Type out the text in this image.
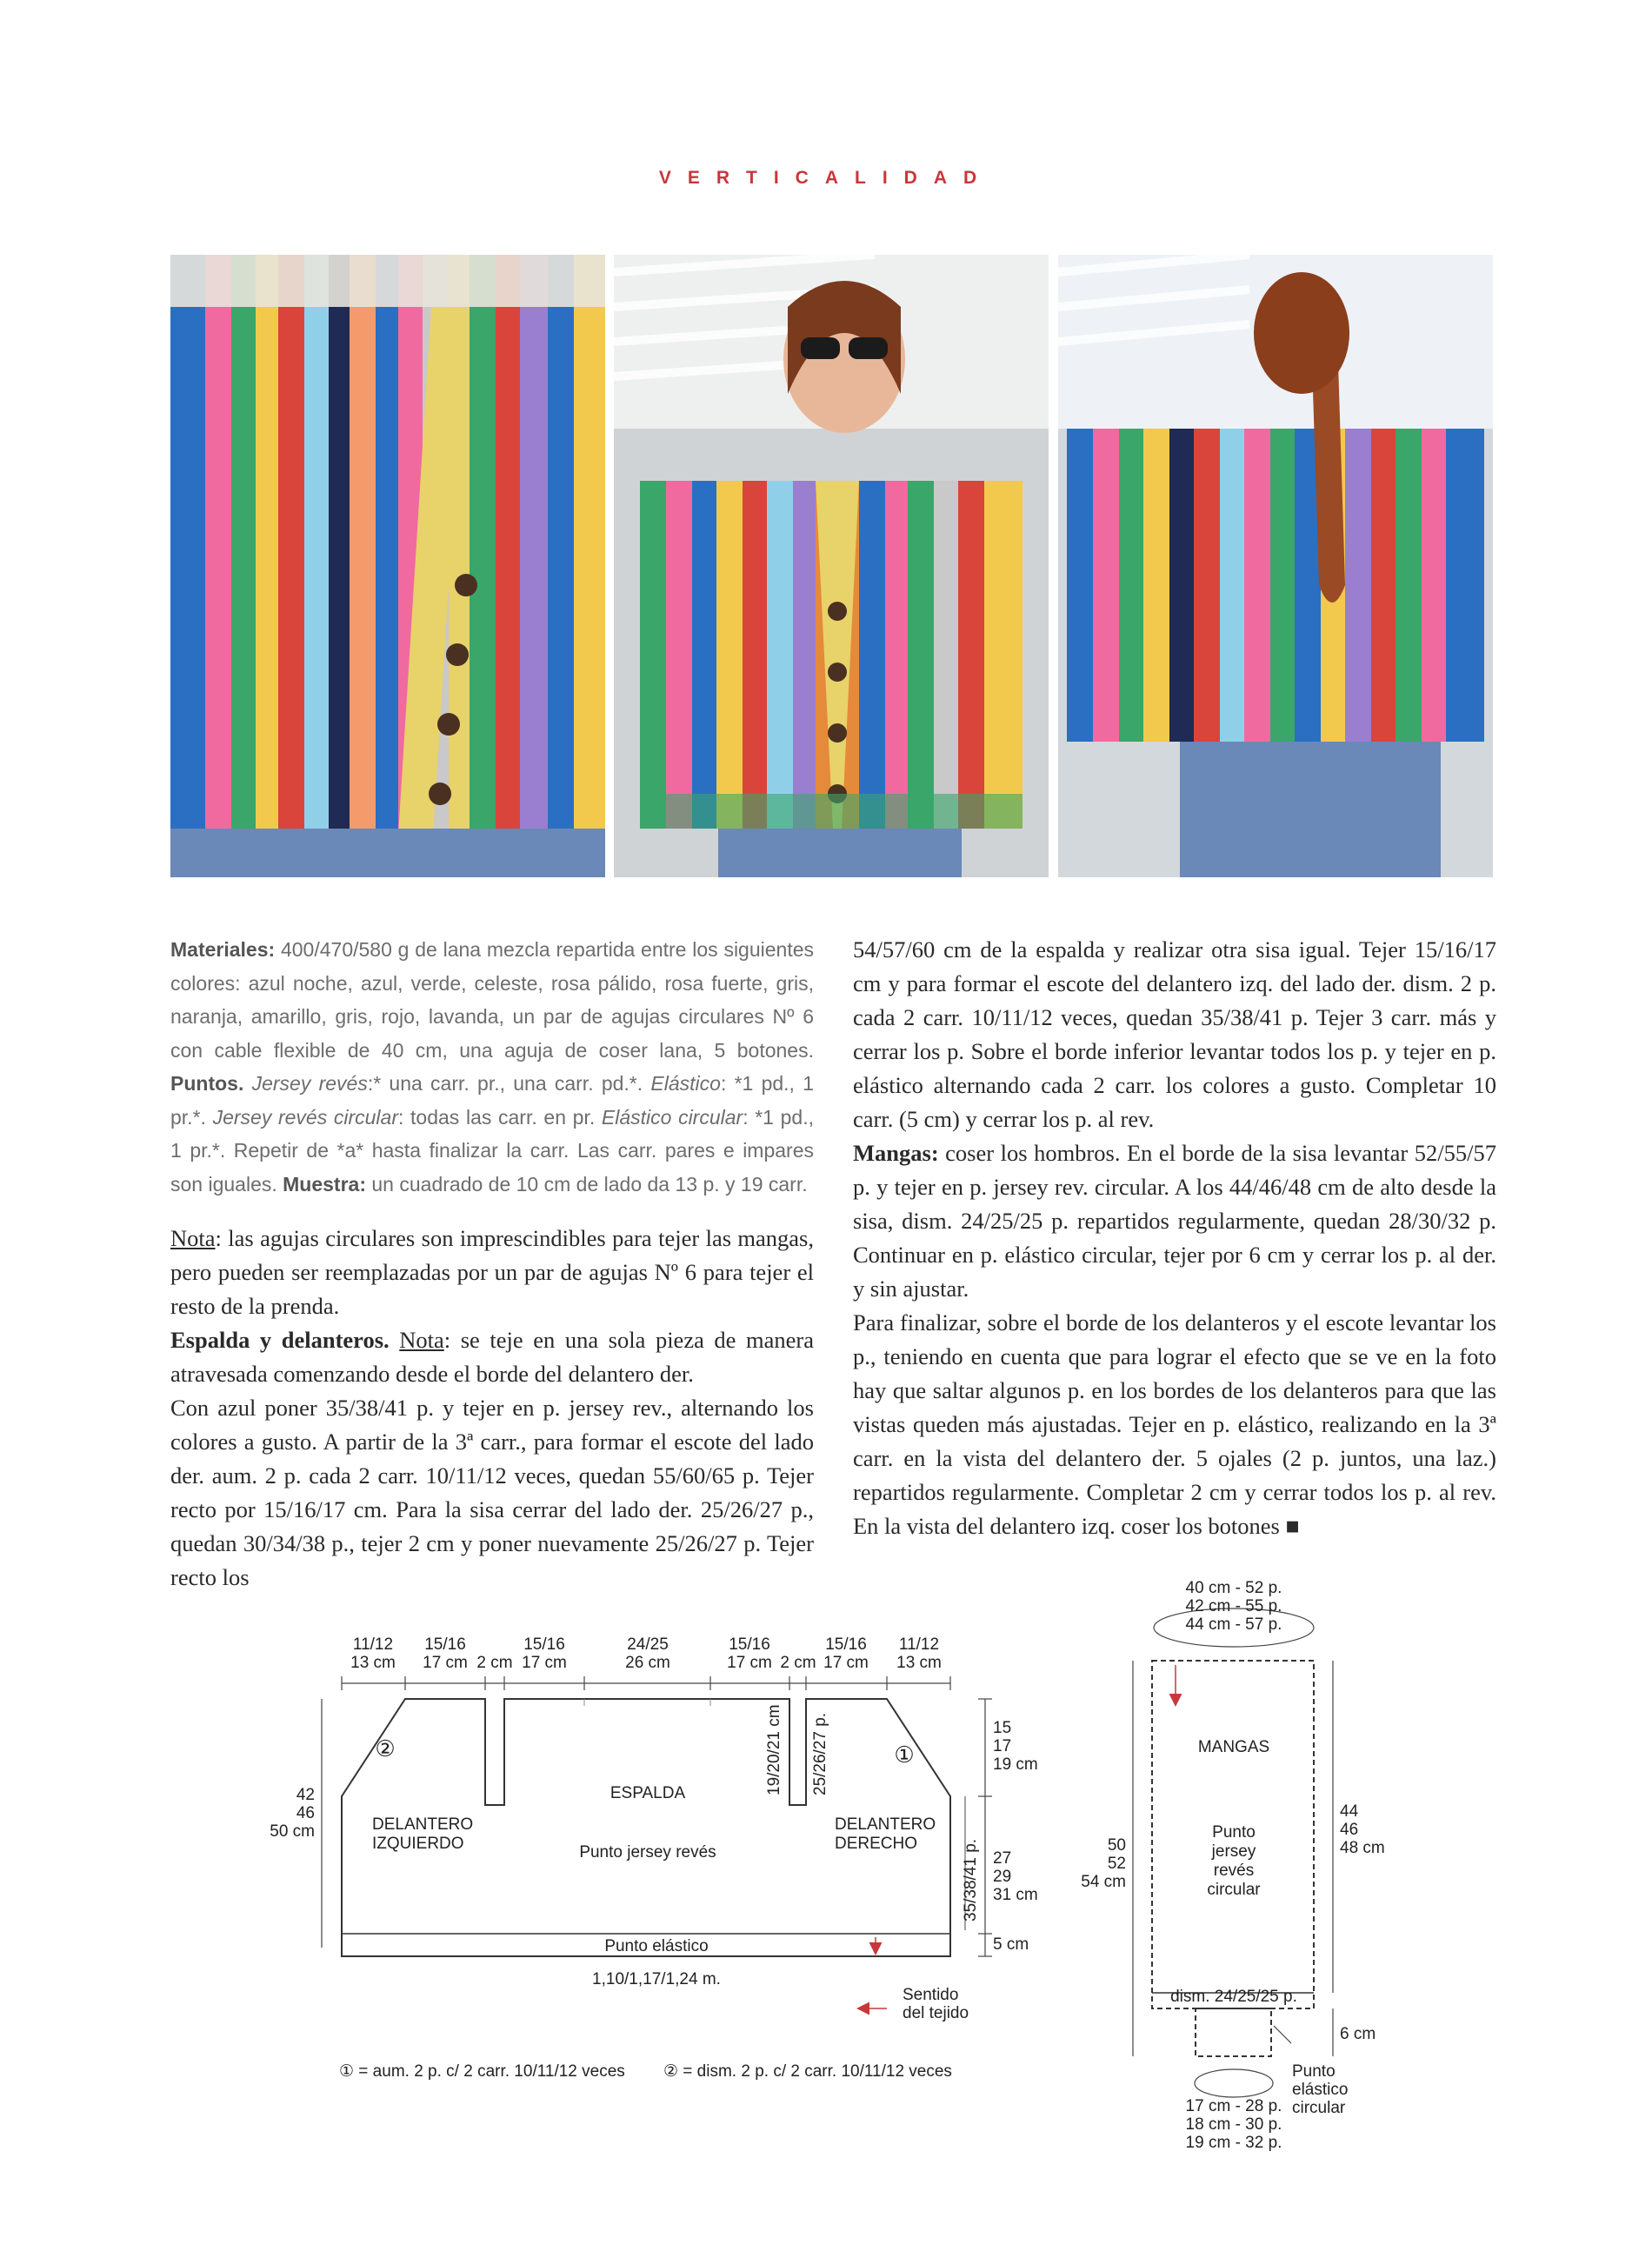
VERTICALIDAD
Materiales: 400/470/580 g de lana mezcla repartida entre los siguientes colores: azul noche, azul, verde, celeste, rosa pálido, rosa fuerte, gris, naranja, amarillo, gris, rojo, lavanda, un par de agujas circulares Nº 6 con cable flexible de 40 cm, una aguja de coser lana, 5 botones. Puntos. Jersey revés:* una carr. pr., una carr. pd.*. Elástico: *1 pd., 1 pr.*. Jersey revés circular: todas las carr. en pr. Elástico circular: *1 pd., 1 pr.*. Repetir de *a* hasta finalizar la carr. Las carr. pares e impares son iguales. Muestra: un cuadrado de 10 cm de lado da 13 p. y 19 carr.
Nota: las agujas circulares son imprescindibles para tejer las mangas, pero pueden ser reemplazadas por un par de agujas Nº 6 para tejer el resto de la prenda.
Espalda y delanteros. Nota: se teje en una sola pieza de manera atravesada comenzando desde el borde del delantero der.
Con azul poner 35/38/41 p. y tejer en p. jersey rev., alternando los colores a gusto. A partir de la 3ª carr., para formar el escote del lado der. aum. 2 p. cada 2 carr. 10/11/12 veces, quedan 55/60/65 p. Tejer recto por 15/16/17 cm. Para la sisa cerrar del lado der. 25/26/27 p., quedan 30/34/38 p., tejer 2 cm y poner nuevamente 25/26/27 p. Tejer recto los
54/57/60 cm de la espalda y realizar otra sisa igual. Tejer 15/16/17 cm y para formar el escote del delantero izq. del lado der. dism. 2 p. cada 2 carr. 10/11/12 veces, quedan 35/38/41 p. Tejer 3 carr. más y cerrar los p. Sobre el borde inferior levantar todos los p. y tejer en p. elástico alternando cada 2 carr. los colores a gusto. Completar 10 carr. (5 cm) y cerrar los p. al rev.
Mangas: coser los hombros. En el borde de la sisa levantar 52/55/57 p. y tejer en p. jersey rev. circular. A los 44/46/48 cm de alto desde la sisa, dism. 24/25/25 p. repartidos regularmente, quedan 28/30/32 p. Continuar en p. elástico circular, tejer por 6 cm y cerrar los p. al der. y sin ajustar.
Para finalizar, sobre el borde de los delanteros y el escote levantar los p., teniendo en cuenta que para lograr el efecto que se ve en la foto hay que saltar algunos p. en los bordes de los delanteros para que las vistas queden más ajustadas. Tejer en p. elástico, realizando en la 3ª carr. en la vista del delantero der. 5 ojales (2 p. juntos, una laz.) repartidos regularmente. Completar 2 cm y cerrar todos los p. al rev. En la vista del delantero izq. coser los botones ■
11/12
13 cm
15/16
17 cm 2 cm
15/16
17 cm
24/25
26 cm
15/16
17 cm 2 cm
15/16
17 cm
11/12
13 cm
42
46
50 cm
15
17
19 cm
27
29
31 cm
5 cm
19/20/21 cm 25/26/27 p.
35/38/41 p.
②	①
ESPALDA
DELANTERO
IZQUIERDO
DELANTERO
DERECHO
Punto jersey revés
Punto elástico
1,10/1,17/1,24 m.
Sentido
del tejido
① = aum. 2 p. c/ 2 carr. 10/11/12 veces ② = dism. 2 p. c/ 2 carr. 10/11/12 veces
40 cm - 52 p.
42 cm - 55 p.
44 cm - 57 p.
MANGAS
Punto
jersey
revés
circular
50
52
54 cm
44
46
48 cm
dism. 24/25/25 p.
6 cm
Punto
elástico
circular
17 cm - 28 p.
18 cm - 30 p.
19 cm - 32 p.
